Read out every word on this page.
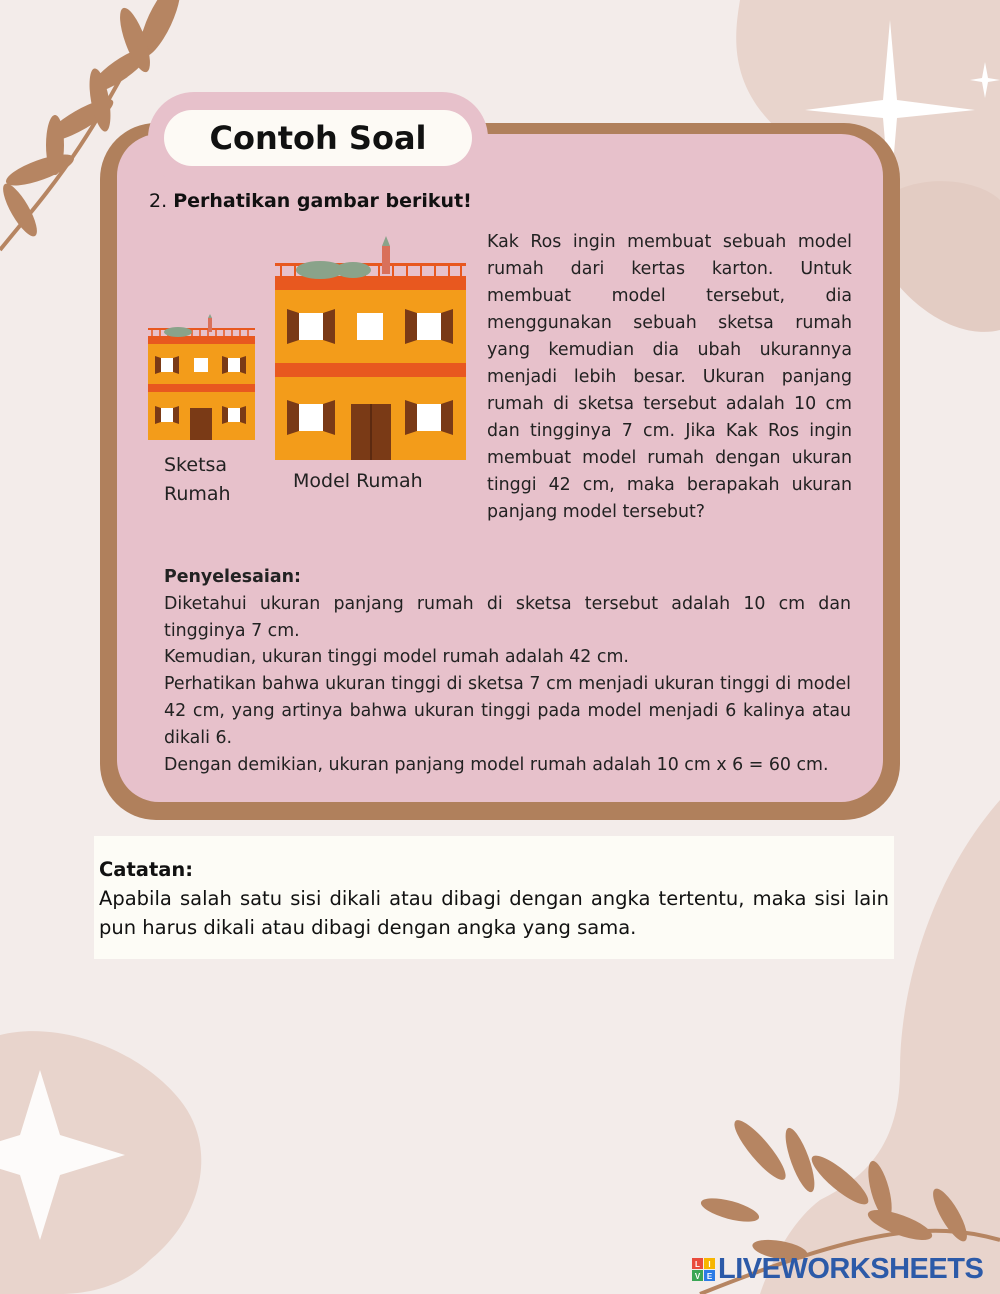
Contoh Soal
2. Perhatikan gambar berikut!
Sketsa Rumah
Model Rumah
Kak Ros ingin membuat sebuah model rumah dari kertas karton. Untuk membuat model tersebut, dia menggunakan sebuah sketsa rumah yang kemudian dia ubah ukurannya menjadi lebih besar. Ukuran panjang rumah di sketsa tersebut adalah 10 cm dan tingginya 7 cm. Jika Kak Ros ingin membuat model rumah dengan ukuran tinggi 42 cm, maka berapakah ukuran panjang model tersebut?

Penyelesaian:

Diketahui ukuran panjang rumah di sketsa tersebut adalah 10 cm dan tingginya 7 cm.

Kemudian, ukuran tinggi model rumah adalah 42 cm.

Perhatikan bahwa ukuran tinggi di sketsa 7 cm menjadi ukuran tinggi di model 42 cm, yang artinya bahwa ukuran tinggi pada model menjadi 6 kalinya atau dikali 6.

Dengan demikian, ukuran panjang model rumah adalah 10 cm x 6 = 60 cm.

Catatan:

Apabila salah satu sisi dikali atau dibagi dengan angka tertentu, maka sisi lain pun harus dikali atau dibagi dengan angka yang sama.

L I
V E LIVEWORKSHEETS
